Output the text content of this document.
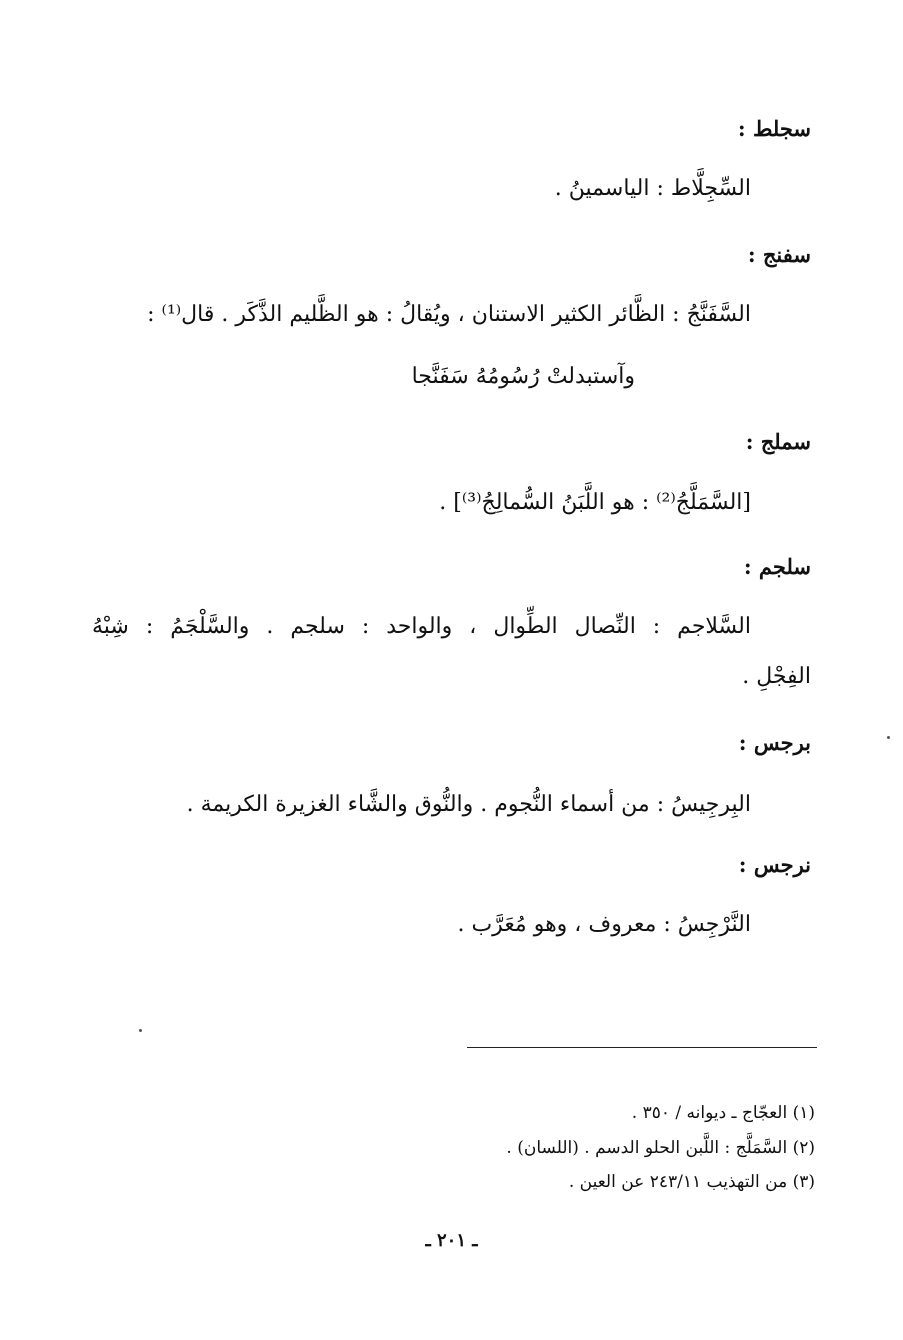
سجلط :
السِّجِلَّاط : الياسمينُ .
سفنج :
السَّفَنَّجُ : الظَّائر الكثير الاستنان ، ويُقالُ : هو الظَّليم الذَّكَر . قال⁽¹⁾ :
وآستبدلتْ رُسُومُهُ سَفَنَّجا
سملج :
[السَّمَلَّجُ⁽²⁾ : هو اللَّبَنُ السُّمالِجُ⁽³⁾] .
سلجم :
السَّلاجم : النِّصال الطِّوال ، والواحد : سلجم . والسَّلْجَمُ : شِبْهُ
الفِجْلِ .
برجس :
البِرجِيسُ : من أسماء النُّجوم . والنُّوق والشَّاء الغزيرة الكريمة .
نرجس :
النَّرْجِسُ : معروف ، وهو مُعَرَّب .
(١) العجّاج ـ ديوانه / ٣٥٠ .
(٢) السَّمَلَّج : اللَّبن الحلو الدسم . (اللسان) .
(٣) من التهذيب ٢٤٣/١١ عن العين .
ـ ٢٠١ ـ
